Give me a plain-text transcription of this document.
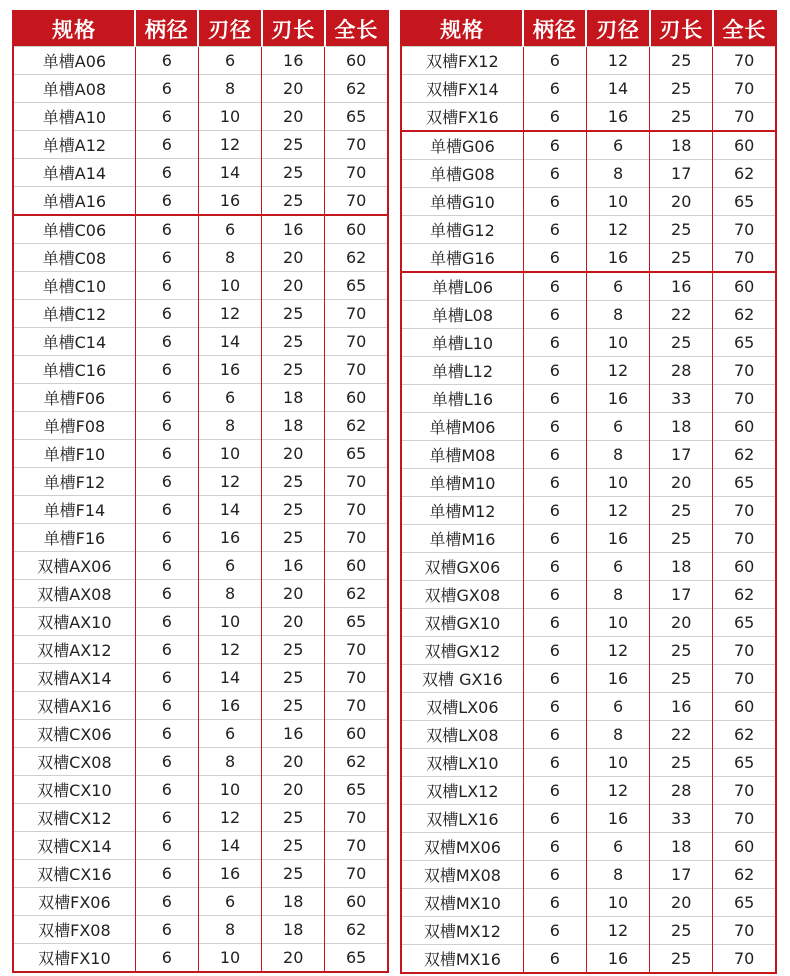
规格	柄径	刃径	刃长	全长
单槽A06	6	6	16	60
单槽A08	6	8	20	62
单槽A10	6	10	20	65
单槽A12	6	12	25	70
单槽A14	6	14	25	70
单槽A16	6	16	25	70
单槽C06	6	6	16	60
单槽C08	6	8	20	62
单槽C10	6	10	20	65
单槽C12	6	12	25	70
单槽C14	6	14	25	70
单槽C16	6	16	25	70
单槽F06	6	6	18	60
单槽F08	6	8	18	62
单槽F10	6	10	20	65
单槽F12	6	12	25	70
单槽F14	6	14	25	70
单槽F16	6	16	25	70
双槽AX06	6	6	16	60
双槽AX08	6	8	20	62
双槽AX10	6	10	20	65
双槽AX12	6	12	25	70
双槽AX14	6	14	25	70
双槽AX16	6	16	25	70
双槽CX06	6	6	16	60
双槽CX08	6	8	20	62
双槽CX10	6	10	20	65
双槽CX12	6	12	25	70
双槽CX14	6	14	25	70
双槽CX16	6	16	25	70
双槽FX06	6	6	18	60
双槽FX08	6	8	18	62
双槽FX10	6	10	20	65
规格	柄径	刃径	刃长	全长
双槽FX12	6	12	25	70
双槽FX14	6	14	25	70
双槽FX16	6	16	25	70
单槽G06	6	6	18	60
单槽G08	6	8	17	62
单槽G10	6	10	20	65
单槽G12	6	12	25	70
单槽G16	6	16	25	70
单槽L06	6	6	16	60
单槽L08	6	8	22	62
单槽L10	6	10	25	65
单槽L12	6	12	28	70
单槽L16	6	16	33	70
单槽M06	6	6	18	60
单槽M08	6	8	17	62
单槽M10	6	10	20	65
单槽M12	6	12	25	70
单槽M16	6	16	25	70
双槽GX06	6	6	18	60
双槽GX08	6	8	17	62
双槽GX10	6	10	20	65
双槽GX12	6	12	25	70
双槽 GX16	6	16	25	70
双槽LX06	6	6	16	60
双槽LX08	6	8	22	62
双槽LX10	6	10	25	65
双槽LX12	6	12	28	70
双槽LX16	6	16	33	70
双槽MX06	6	6	18	60
双槽MX08	6	8	17	62
双槽MX10	6	10	20	65
双槽MX12	6	12	25	70
双槽MX16	6	16	25	70
